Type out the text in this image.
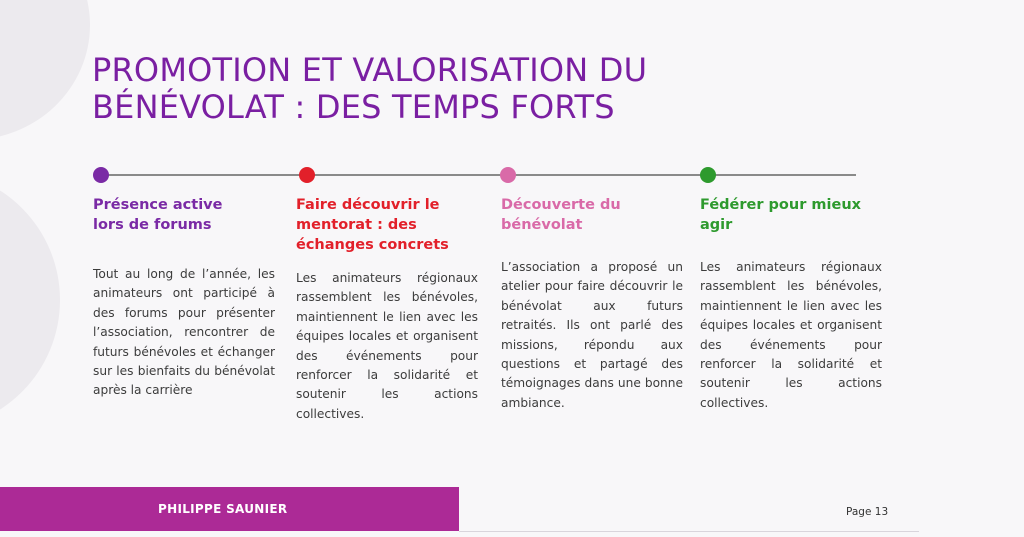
PROMOTION ET VALORISATION DU BÉNÉVOLAT : DES TEMPS FORTS
Présence active
lors de forums
Tout au long de l’année, les animateurs ont participé à des forums pour présenter l’association, rencontrer de futurs bénévoles et échanger sur les bienfaits du bénévolat après la carrière
Faire découvrir le
mentorat : des
échanges concrets
Les animateurs régionaux rassemblent les bénévoles, maintiennent le lien avec les équipes locales et organisent des événements pour renforcer la solidarité et soutenir les actions collectives.
Découverte du
bénévolat
L’association a proposé un atelier pour faire découvrir le bénévolat aux futurs retraités. Ils ont parlé des missions, répondu aux questions et partagé des témoignages dans une bonne ambiance.
Fédérer pour mieux
agir
Les animateurs régionaux rassemblent les bénévoles, maintiennent le lien avec les équipes locales et organisent des événements pour renforcer la solidarité et soutenir les actions collectives.
PHILIPPE SAUNIER	Page 13
